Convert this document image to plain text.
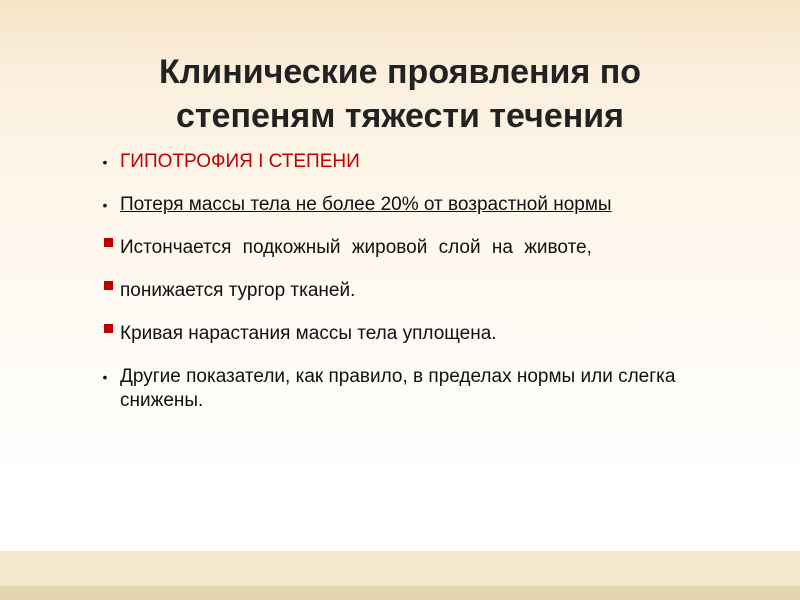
Клинические проявления по
степеням тяжести течения
• ГИПОТРОФИЯ I СТЕПЕНИ
• Потеря массы тела не более 20% от возрастной нормы
Истончается подкожный жировой слой на животе,
понижается тургор тканей.
Кривая нарастания массы тела уплощена.
• Другие показатели, как правило, в пределах нормы или слегка снижены.
